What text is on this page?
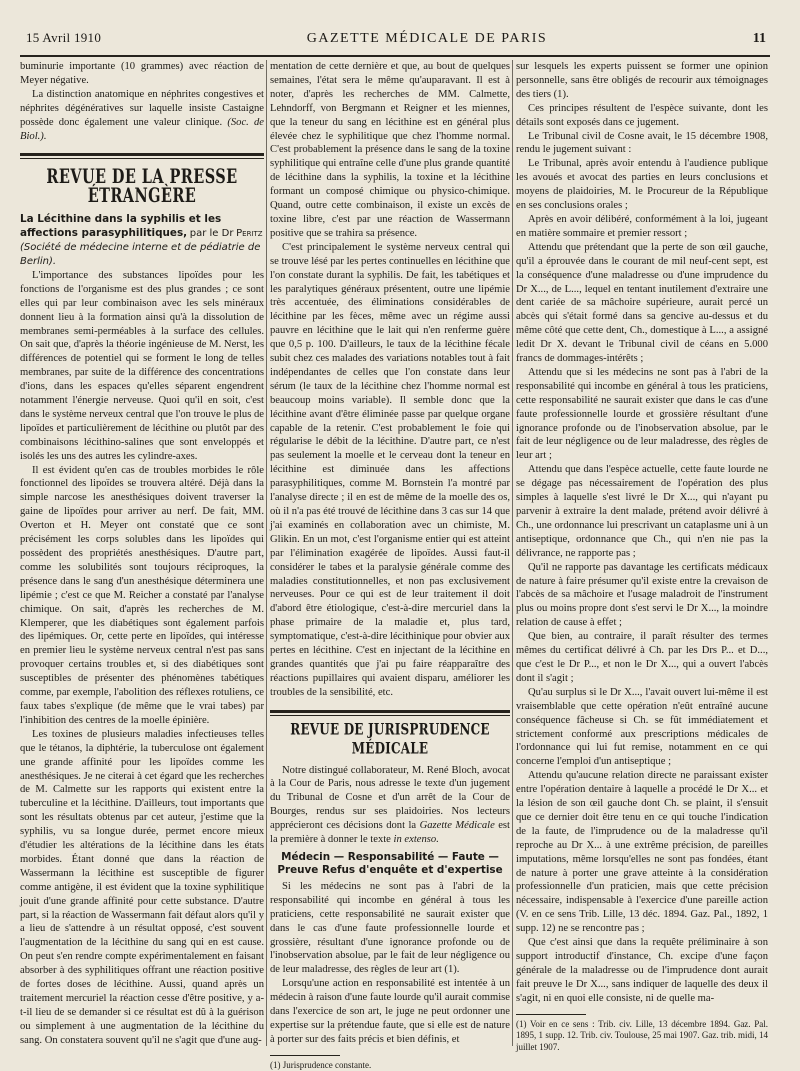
15 Avril 1910	GAZETTE MÉDICALE DE PARIS	11

buminurie importante (10 grammes) avec réaction de Meyer négative.

La distinction anatomique en néphrites congestives et néphrites dégénératives sur laquelle insiste Castaigne possède donc également une valeur clinique. (Soc. de Biol.).

REVUE DE LA PRESSE ÉTRANGÈRE

La Lécithine dans la syphilis et les affections parasyphilitiques, par le Dr Peritz (Société de médecine interne et de pédiatrie de Berlin).

L'importance des substances lipoïdes pour les fonctions de l'organisme est des plus grandes ; ce sont elles qui par leur combinaison avec les sels minéraux donnent lieu à la formation ainsi qu'à la dissolution de membranes semi-perméables à la surface des cellules. On sait que, d'après la théorie ingénieuse de M. Nerst, les différences de potentiel qui se forment le long de telles membranes, par suite de la différence des concentrations d'ions, dans les espaces qu'elles séparent engendrent notamment l'énergie nerveuse. Quoi qu'il en soit, c'est dans le système nerveux central que l'on trouve le plus de lipoïdes et particulièrement de lécithine ou plutôt par des combinaisons lécithino-salines que sont enveloppés et isolés les uns des autres les cylindre-axes.

Il est évident qu'en cas de troubles morbides le rôle fonctionnel des lipoïdes se trouvera altéré. Déjà dans la simple narcose les anesthésiques doivent traverser la gaine de lipoïdes pour arriver au nerf. De fait, MM. Overton et H. Meyer ont constaté que ce sont précisément les corps solubles dans les lipoïdes qui possèdent des propriétés anesthésiques. D'autre part, comme les solubilités sont toujours réciproques, la présence dans le sang d'un anesthésique déterminera une lipémie ; c'est ce que M. Reicher a constaté par l'analyse chimique. On sait, d'après les recherches de M. Klemperer, que les diabétiques sont également parfois des lipémiques. Or, cette perte en lipoïdes, qui intéresse en premier lieu le système nerveux central n'est pas sans provoquer certains troubles et, si des diabétiques sont susceptibles de présenter des phénomènes tabétiques comme, par exemple, l'abolition des réflexes rotuliens, ce faux tabes s'explique (de même que le vrai tabes) par l'inhibition des centres de la moelle épinière.

Les toxines de plusieurs maladies infectieuses telles que le tétanos, la diphtérie, la tuberculose ont également une grande affinité pour les lipoïdes comme les anesthésiques. Je ne citerai à cet égard que les recherches de M. Calmette sur les rapports qui existent entre la tuberculine et la lécithine. D'ailleurs, tout importants que sont les résultats obtenus par cet auteur, j'estime que la syphilis, vu sa longue durée, permet encore mieux d'étudier les altérations de la lécithine dans les états morbides. Étant donné que dans la réaction de Wassermann la lécithine est susceptible de figurer comme antigène, il est évident que la toxine syphilitique jouit d'une grande affinité pour cette substance. D'autre part, si la réaction de Wassermann fait défaut alors qu'il y a lieu de s'attendre à un résultat opposé, c'est souvent l'augmentation de la lécithine du sang qui en est cause. On peut s'en rendre compte expérimentalement en faisant absorber à des syphilitiques offrant une réaction positive de fortes doses de lécithine. Aussi, quand après un traitement mercuriel la réaction cesse d'être positive, y a-t-il lieu de se demander si ce résultat est dû à la guérison ou simplement à une augmentation de la lécithine du sang. On constatera souvent qu'il ne s'agit que d'une aug-

mentation de cette dernière et que, au bout de quelques semaines, l'état sera le même qu'auparavant. Il est à noter, d'après les recherches de MM. Calmette, Lehndorff, von Bergmann et Reigner et les miennes, que la teneur du sang en lécithine est en général plus élevée chez le syphilitique que chez l'homme normal. C'est probablement la présence dans le sang de la toxine syphilitique qui entraîne celle d'une plus grande quantité de lécithine dans la syphilis, la toxine et la lécithine formant un composé chimique ou physico-chimique. Quand, outre cette combinaison, il existe un excès de toxine libre, c'est par une réaction de Wassermann positive que se trahira sa présence.

C'est principalement le système nerveux central qui se trouve lésé par les pertes continuelles en lécithine que l'on constate durant la syphilis. De fait, les tabétiques et les paralytiques généraux présentent, outre une lipémie très accentuée, des éliminations considérables de lécithine par les fèces, même avec un régime aussi pauvre en lécithine que le lait qui n'en renferme guère que 0,5 p. 100. D'ailleurs, le taux de la lécithine fécale subit chez ces malades des variations notables tout à fait indépendantes de celles que l'on constate dans leur sérum (le taux de la lécithine chez l'homme normal est beaucoup moins variable). Il semble donc que la lécithine avant d'être éliminée passe par quelque organe capable de la retenir. C'est probablement le foie qui régularise le débit de la lécithine. D'autre part, ce n'est pas seulement la moelle et le cerveau dont la teneur en lécithine est diminuée dans les affections parasyphilitiques, comme M. Bornstein l'a montré par l'analyse directe ; il en est de même de la moelle des os, où il n'a pas été trouvé de lécithine dans 3 cas sur 14 que j'ai examinés en collaboration avec un chimiste, M. Glikin. En un mot, c'est l'organisme entier qui est atteint par l'élimination exagérée de lipoïdes. Aussi faut-il considérer le tabes et la paralysie générale comme des maladies constitutionnelles, et non pas exclusivement nerveuses. Pour ce qui est de leur traitement il doit d'abord être étiologique, c'est-à-dire mercuriel dans la phase primaire de la maladie et, plus tard, symptomatique, c'est-à-dire lécithinique pour obvier aux pertes en lécithine. C'est en injectant de la lécithine en grandes quantités que j'ai pu faire réapparaître des réactions pupillaires qui avaient disparu, améliorer les troubles de la sensibilité, etc.

REVUE DE JURISPRUDENCE MÉDICALE

Notre distingué collaborateur, M. René Bloch, avocat à la Cour de Paris, nous adresse le texte d'un jugement du Tribunal de Cosne et d'un arrêt de la Cour de Bourges, rendus sur ses plaidoiries. Nos lecteurs apprécieront ces décisions dont la Gazette Médicale est la première à donner le texte in extenso.

Médecin — Responsabilité — Faute — Preuve Refus d'enquête et d'expertise

Si les médecins ne sont pas à l'abri de la responsabilité qui incombe en général à tous les praticiens, cette responsabilité ne saurait exister que dans le cas d'une faute professionnelle lourde et grossière, résultant d'une ignorance profonde ou de l'inobservation absolue, par le fait de leur négligence ou de leur maladresse, des règles de leur art (1).

Lorsqu'une action en responsabilité est intentée à un médecin à raison d'une faute lourde qu'il aurait commise dans l'exercice de son art, le juge ne peut ordonner une expertise sur la prétendue faute, que si elle est de nature à porter sur des faits précis et bien définis, et

(1) Jurisprudence constante.

sur lesquels les experts puissent se former une opinion personnelle, sans être obligés de recourir aux témoignages des tiers (1).

Ces principes résultent de l'espèce suivante, dont les détails sont exposés dans ce jugement.

Le Tribunal civil de Cosne avait, le 15 décembre 1908, rendu le jugement suivant :

Le Tribunal, après avoir entendu à l'audience publique les avoués et avocat des parties en leurs conclusions et moyens de plaidoiries, M. le Procureur de la République en ses conclusions orales ;

Après en avoir délibéré, conformément à la loi, jugeant en matière sommaire et premier ressort ;

Attendu que prétendant que la perte de son œil gauche, qu'il a éprouvée dans le courant de mil neuf-cent sept, est la conséquence d'une maladresse ou d'une imprudence du Dr X..., de L..., lequel en tentant inutilement d'extraire une dent cariée de sa mâchoire supérieure, aurait percé un abcès qui s'était formé dans sa gencive au-dessus et du même côté que cette dent, Ch., domestique à L..., a assigné ledit Dr X. devant le Tribunal civil de céans en 5.000 francs de dommages-intérêts ;

Attendu que si les médecins ne sont pas à l'abri de la responsabilité qui incombe en général à tous les praticiens, cette responsabilité ne saurait exister que dans le cas d'une faute professionnelle lourde et grossière résultant d'une ignorance profonde ou de l'inobservation absolue, par le fait de leur négligence ou de leur maladresse, des règles de leur art ;

Attendu que dans l'espèce actuelle, cette faute lourde ne se dégage pas nécessairement de l'opération des plus simples à laquelle s'est livré le Dr X..., qui n'ayant pu parvenir à extraire la dent malade, prétend avoir délivré à Ch., une ordonnance lui prescrivant un cataplasme uni à un antiseptique, ordonnance que Ch., qui n'en nie pas la délivrance, ne rapporte pas ;

Qu'il ne rapporte pas davantage les certificats médicaux de nature à faire présumer qu'il existe entre la crevaison de l'abcès de sa mâchoire et l'usage maladroit de l'instrument plus ou moins propre dont s'est servi le Dr X..., la moindre relation de cause à effet ;

Que bien, au contraire, il paraît résulter des termes mêmes du certificat délivré à Ch. par les Drs P... et D..., que c'est le Dr P..., et non le Dr X..., qui a ouvert l'abcès dont il s'agit ;

Qu'au surplus si le Dr X..., l'avait ouvert lui-même il est vraisemblable que cette opération n'eût entraîné aucune conséquence fâcheuse si Ch. se fût immédiatement et strictement conformé aux prescriptions médicales de l'ordonnance qui lui fut remise, notamment en ce qui concerne l'emploi d'un antiseptique ;

Attendu qu'aucune relation directe ne paraissant exister entre l'opération dentaire à laquelle a procédé le Dr X... et la lésion de son œil gauche dont Ch. se plaint, il s'ensuit que ce dernier doit être tenu en ce qui touche l'indication de la faute, de l'imprudence ou de la maladresse qu'il reproche au Dr X... à une extrême précision, de pareilles imputations, même lorsqu'elles ne sont pas fondées, étant de nature à porter une grave atteinte à la considération professionnelle d'un praticien, mais que cette précision nécessaire, indispensable à l'exercice d'une pareille action (V. en ce sens Trib. Lille, 13 déc. 1894. Gaz. Pal., 1892, 1 supp. 12) ne se rencontre pas ;

Que c'est ainsi que dans la requête préliminaire à son support introductif d'instance, Ch. excipe d'une façon générale de la maladresse ou de l'imprudence dont aurait fait preuve le Dr X..., sans indiquer de laquelle des deux il s'agit, ni en quoi elle consiste, ni de quelle ma-

(1) Voir en ce sens : Trib. civ. Lille, 13 décembre 1894. Gaz. Pal. 1895, 1 supp. 12. Trib. civ. Toulouse, 25 mai 1907. Gaz. trib. midi, 14 juillet 1907.
